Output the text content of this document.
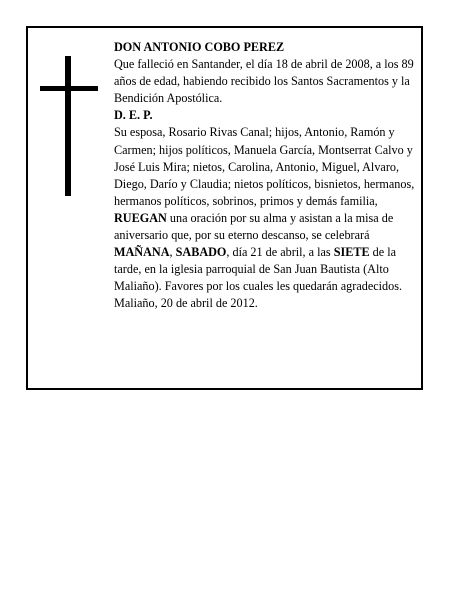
DON ANTONIO COBO PEREZ

Que falleció en Santander, el día 18 de abril de 2008, a los 89 años de edad, habiendo recibido los Santos Sacramentos y la Bendición Apostólica.

D. E. P.

Su esposa, Rosario Rivas Canal; hijos, Antonio, Ramón y Carmen; hijos políticos, Manuela García, Montserrat Calvo y José Luis Mira; nietos, Carolina, Antonio, Miguel, Alvaro, Diego, Darío y Claudia; nietos políticos, bisnietos, hermanos, hermanos políticos, sobrinos, primos y demás familia,

RUEGAN una oración por su alma y asistan a la misa de aniversario que, por su eterno descanso, se celebrará MAÑANA, SABADO, día 21 de abril, a las SIETE de la tarde, en la iglesia parroquial de San Juan Bautista (Alto Maliaño). Favores por los cuales les quedarán agradecidos.

Maliaño, 20 de abril de 2012.
